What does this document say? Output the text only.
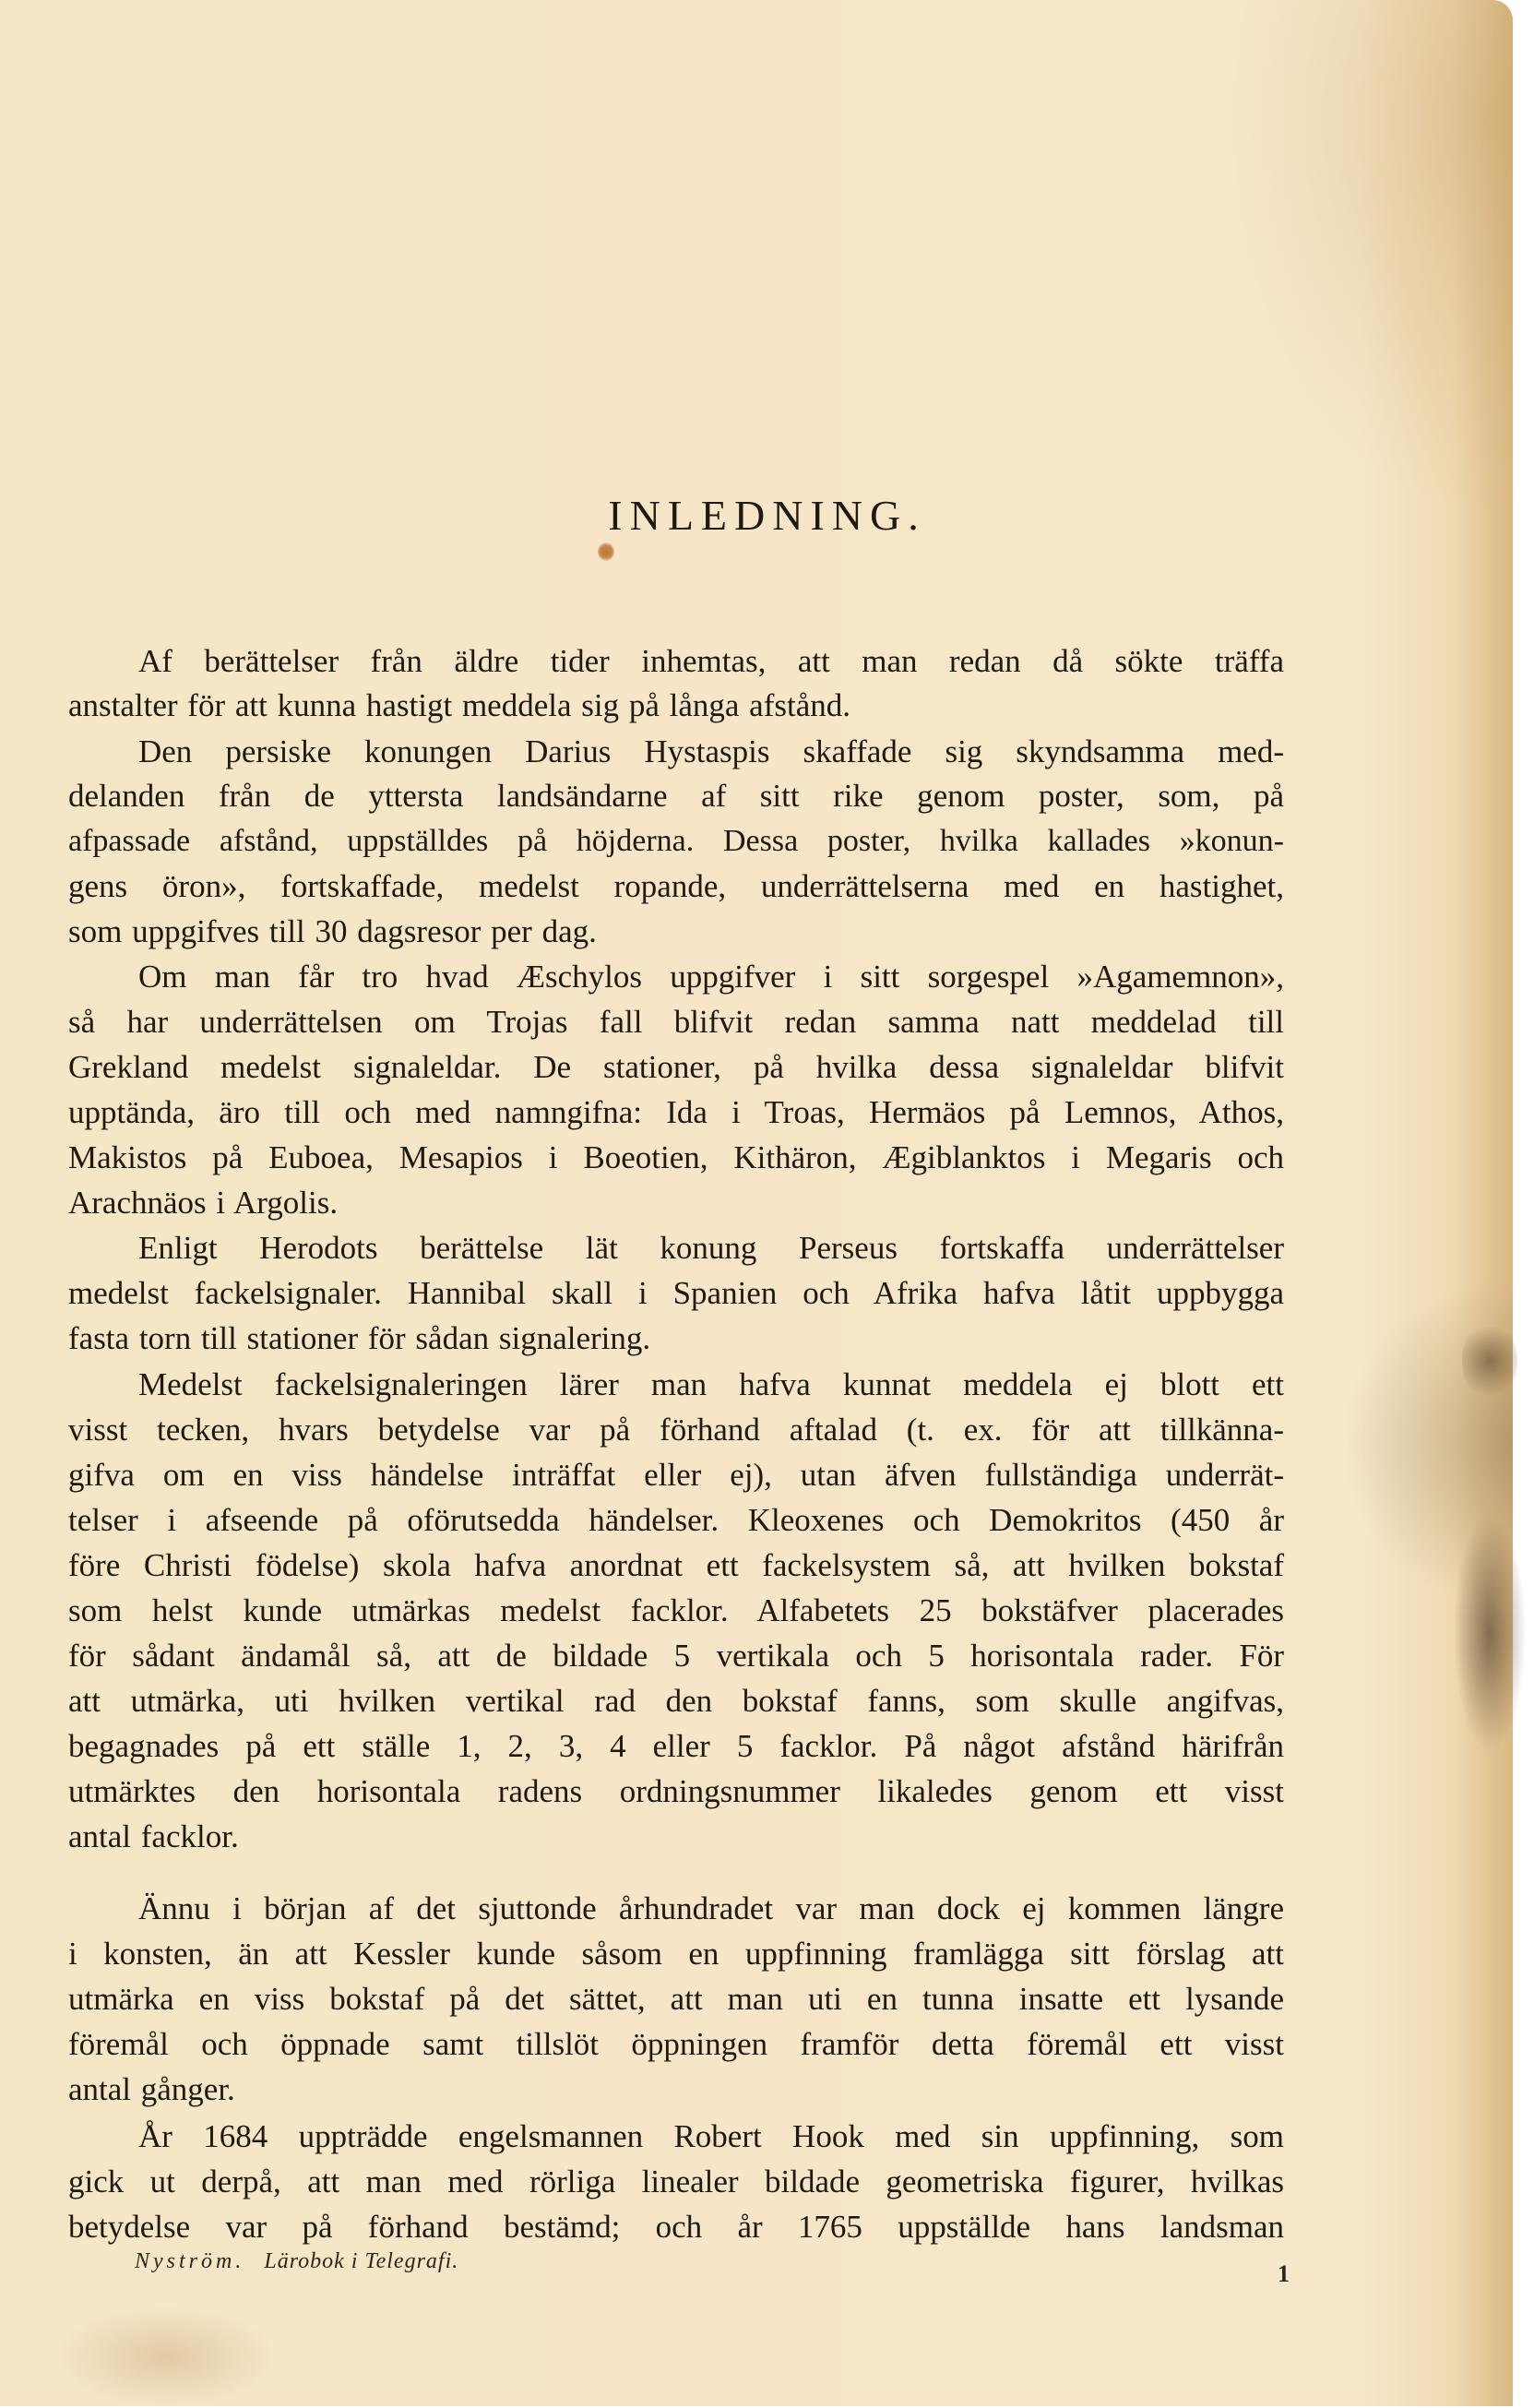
INLEDNING.
Af berättelser från äldre tider inhemtas, att man redan då sökte träffa
anstalter för att kunna hastigt meddela sig på långa afstånd.
Den persiske konungen Darius Hystaspis skaffade sig skyndsamma med-
delanden från de yttersta landsändarne af sitt rike genom poster, som, på
afpassade afstånd, uppställdes på höjderna. Dessa poster, hvilka kallades »konun-
gens öron», fortskaffade, medelst ropande, underrättelserna med en hastighet,
som uppgifves till 30 dagsresor per dag.
Om man får tro hvad Æschylos uppgifver i sitt sorgespel »Agamemnon»,
så har underrättelsen om Trojas fall blifvit redan samma natt meddelad till
Grekland medelst signaleldar. De stationer, på hvilka dessa signaleldar blifvit
upptända, äro till och med namngifna: Ida i Troas, Hermäos på Lemnos, Athos,
Makistos på Euboea, Mesapios i Boeotien, Kithäron, Ægiblanktos i Megaris och
Arachnäos i Argolis.
Enligt Herodots berättelse lät konung Perseus fortskaffa underrättelser
medelst fackelsignaler. Hannibal skall i Spanien och Afrika hafva låtit uppbygga
fasta torn till stationer för sådan signalering.
Medelst fackelsignaleringen lärer man hafva kunnat meddela ej blott ett
visst tecken, hvars betydelse var på förhand aftalad (t. ex. för att tillkänna-
gifva om en viss händelse inträffat eller ej), utan äfven fullständiga underrät-
telser i afseende på oförutsedda händelser. Kleoxenes och Demokritos (450 år
före Christi födelse) skola hafva anordnat ett fackelsystem så, att hvilken bokstaf
som helst kunde utmärkas medelst facklor. Alfabetets 25 bokstäfver placerades
för sådant ändamål så, att de bildade 5 vertikala och 5 horisontala rader. För
att utmärka, uti hvilken vertikal rad den bokstaf fanns, som skulle angifvas,
begagnades på ett ställe 1, 2, 3, 4 eller 5 facklor. På något afstånd härifrån
utmärktes den horisontala radens ordningsnummer likaledes genom ett visst
antal facklor.
Ännu i början af det sjuttonde århundradet var man dock ej kommen längre
i konsten, än att Kessler kunde såsom en uppfinning framlägga sitt förslag att
utmärka en viss bokstaf på det sättet, att man uti en tunna insatte ett lysande
föremål och öppnade samt tillslöt öppningen framför detta föremål ett visst
antal gånger.
År 1684 uppträdde engelsmannen Robert Hook med sin uppfinning, som
gick ut derpå, att man med rörliga linealer bildade geometriska figurer, hvilkas
betydelse var på förhand bestämd; och år 1765 uppställde hans landsman
Nyström. Lärobok i Telegrafi.	1
